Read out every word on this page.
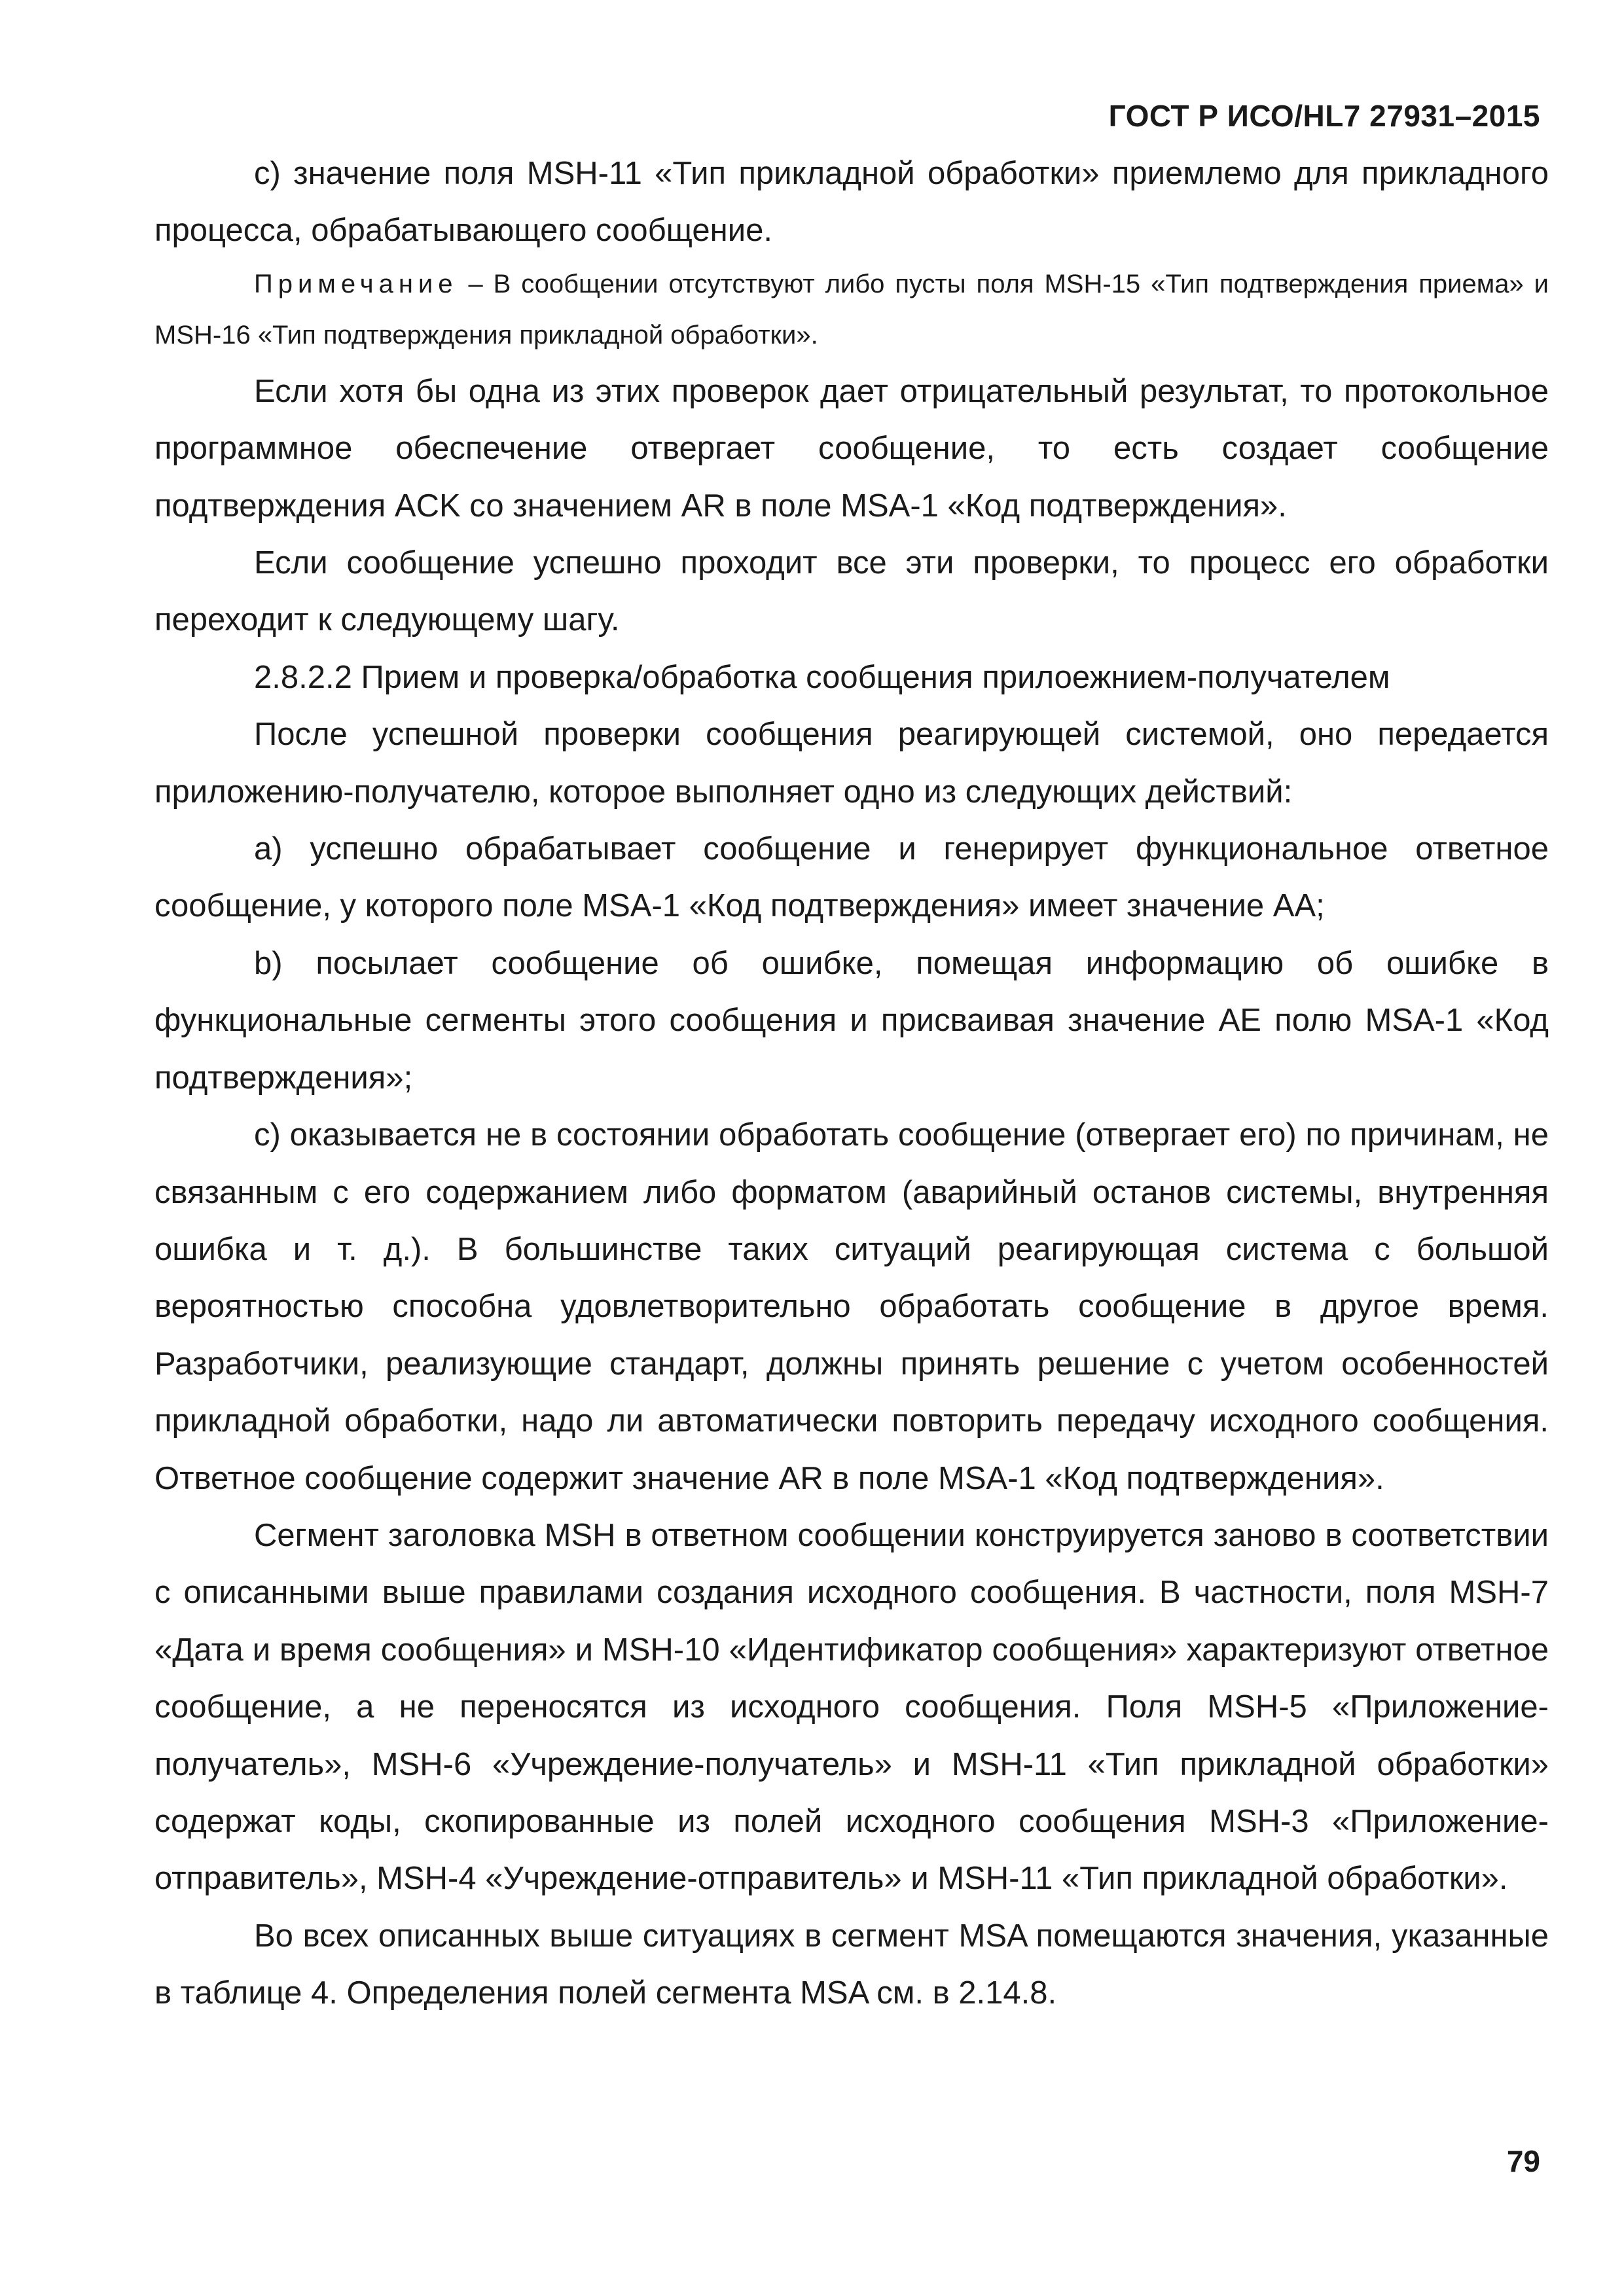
ГОСТ Р ИСО/HL7 27931–2015

c) значение поля MSH-11 «Тип прикладной обработки» приемлемо для прикладного процесса, обрабатывающего сообщение.

Примечание – В сообщении отсутствуют либо пусты поля MSH-15 «Тип подтверждения приема» и MSH-16 «Тип подтверждения прикладной обработки».

Если хотя бы одна из этих проверок дает отрицательный результат, то протокольное программное обеспечение отвергает сообщение, то есть создает сообщение подтверждения ACK со значением AR в поле MSA-1 «Код подтверждения».

Если сообщение успешно проходит все эти проверки, то процесс его обработки переходит к следующему шагу.

2.8.2.2 Прием и проверка/обработка сообщения прилоежнием-получателем

После успешной проверки сообщения реагирующей системой, оно передается приложению-получателю, которое выполняет одно из следующих действий:

a) успешно обрабатывает сообщение и генерирует функциональное ответное сообщение, у которого поле MSA-1 «Код подтверждения» имеет значение AA;

b) посылает сообщение об ошибке, помещая информацию об ошибке в функциональные сегменты этого сообщения и присваивая значение AE полю MSA-1 «Код подтверждения»;

c) оказывается не в состоянии обработать сообщение (отвергает его) по причинам, не связанным с его содержанием либо форматом (аварийный останов системы, внутренняя ошибка и т. д.). В большинстве таких ситуаций реагирующая система с большой вероятностью способна удовлетворительно обработать сообщение в другое время. Разработчики, реализующие стандарт, должны принять решение с учетом особенностей прикладной обработки, надо ли автоматически повторить передачу исходного сообщения. Ответное сообщение содержит значение AR в поле MSA-1 «Код подтверждения».

Сегмент заголовка MSH в ответном сообщении конструируется заново в соответствии с описанными выше правилами создания исходного сообщения. В частности, поля MSH-7 «Дата и время сообщения» и MSH-10 «Идентификатор сообщения» характеризуют ответное сообщение, а не переносятся из исходного сообщения. Поля MSH-5 «Приложение-получатель», MSH-6 «Учреждение-получатель» и MSH-11 «Тип прикладной обработки» содержат коды, скопированные из полей исходного сообщения MSH-3 «Приложение-отправитель», MSH-4 «Учреждение-отправитель» и MSH-11 «Тип прикладной обработки».

Во всех описанных выше ситуациях в сегмент MSA помещаются значения, указанные в таблице 4. Определения полей сегмента MSA см. в 2.14.8.

79
